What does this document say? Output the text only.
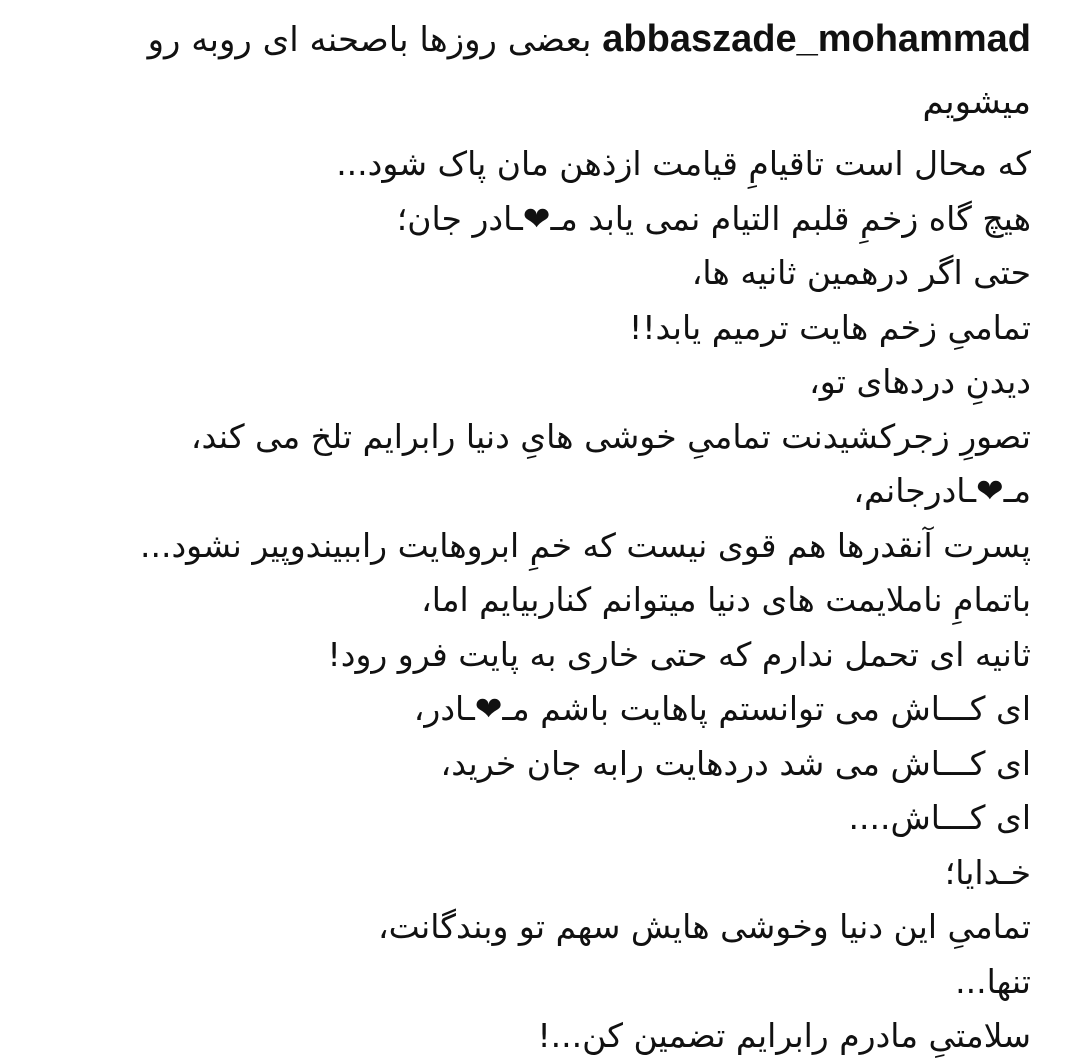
abbaszade_mohammad بعضی روزها باصحنه ای روبه رو میشویم
که محال است تاقیامِ قیامت ازذهن مان پاک شود...
هیچ گاه زخمِ قلبم التیام نمی یابد مـ❤ـادر جان؛
حتی اگر درهمین ثانیه ها،
تمامیِ زخم هایت ترمیم یابد!!
دیدنِ دردهای تو،
تصورِ زجرکشیدنت تمامیِ خوشی هایِ دنیا رابرایم تلخ می کند،
مـ❤ـادرجانم،
پسرت آنقدرها هم قوی نیست که خمِ ابروهایت راببیندوپیر نشود...
باتمامِ ناملایمت های دنیا میتوانم کناربیایم اما،
ثانیه ای تحمل ندارم که حتی خاری به پایت فرو رود!
ای کـــاش می توانستم پاهایت باشم مـ❤ـادر،
ای کـــاش می شد دردهایت رابه جان خرید،
ای کـــاش....
خـدایا؛
تمامیِ این دنیا وخوشی هایش سهم تو وبندگانت،
تنها...
سلامتیِ مادرم رابرایم تضمین کن...!
